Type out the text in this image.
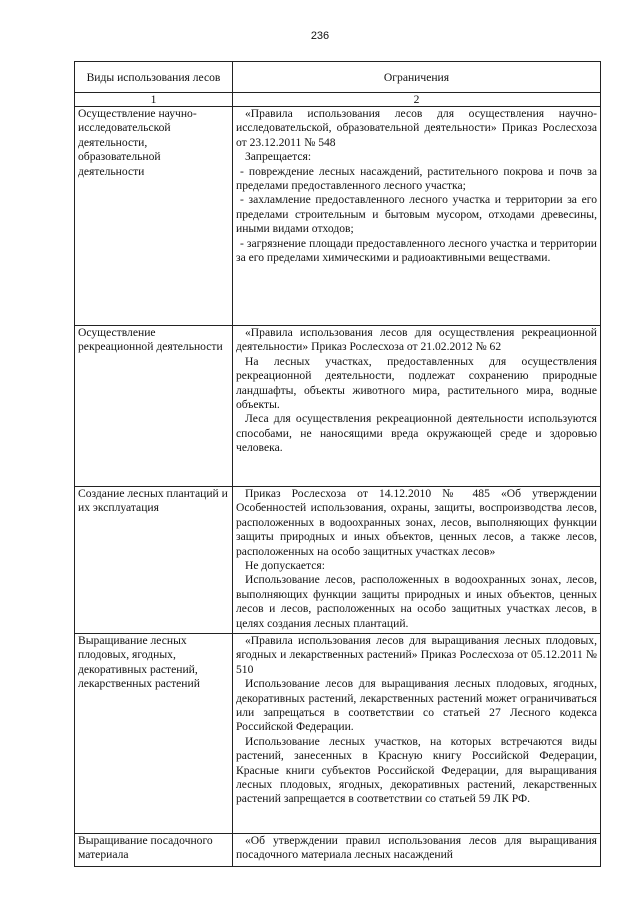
236
Виды использования лесов	Ограничения
1	2
Осуществление научно-исследовательской деятельности, образовательной деятельности	«Правила использования лесов для осуществления научно-исследовательской, образовательной деятельности» Приказ Рослесхоза от 23.12.2011 № 548

Запрещается:

- повреждение лесных насаждений, растительного покрова и почв за пределами предоставленного лесного участка;

- захламление предоставленного лесного участка и территории за его пределами строительным и бытовым мусором, отходами древесины, иными видами отходов;

- загрязнение площади предоставленного лесного участка и территории за его пределами химическими и радиоактивными веществами.

Осуществление рекреационной деятельности	«Правила использования лесов для осуществления рекреационной деятельности» Приказ Рослесхоза от 21.02.2012 № 62

На лесных участках, предоставленных для осуществления рекреационной деятельности, подлежат сохранению природные ландшафты, объекты животного мира, растительного мира, водные объекты.

Леса для осуществления рекреационной деятельности используются способами, не наносящими вреда окружающей среде и здоровью человека.

Создание лесных плантаций и их эксплуатация	Приказ Рослесхоза от 14.12.2010 № 485 «Об утверждении Особенностей использования, охраны, защиты, воспроизводства лесов, расположенных в водоохранных зонах, лесов, выполняющих функции защиты природных и иных объектов, ценных лесов, а также лесов, расположенных на особо защитных участках лесов»

Не допускается:

Использование лесов, расположенных в водоохранных зонах, лесов, выполняющих функции защиты природных и иных объектов, ценных лесов и лесов, расположенных на особо защитных участках лесов, в целях создания лесных плантаций.

Выращивание лесных плодовых, ягодных, декоративных растений, лекарственных растений	«Правила использования лесов для выращивания лесных плодовых, ягодных и лекарственных растений» Приказ Рослесхоза от 05.12.2011 № 510

Использование лесов для выращивания лесных плодовых, ягодных, декоративных растений, лекарственных растений может ограничиваться или запрещаться в соответствии со статьей 27 Лесного кодекса Российской Федерации.

Использование лесных участков, на которых встречаются виды растений, занесенных в Красную книгу Российской Федерации, Красные книги субъектов Российской Федерации, для выращивания лесных плодовых, ягодных, декоративных растений, лекарственных растений запрещается в соответствии со статьей 59 ЛК РФ.

Выращивание посадочного материала	«Об утверждении правил использования лесов для выращивания посадочного материала лесных насаждений
